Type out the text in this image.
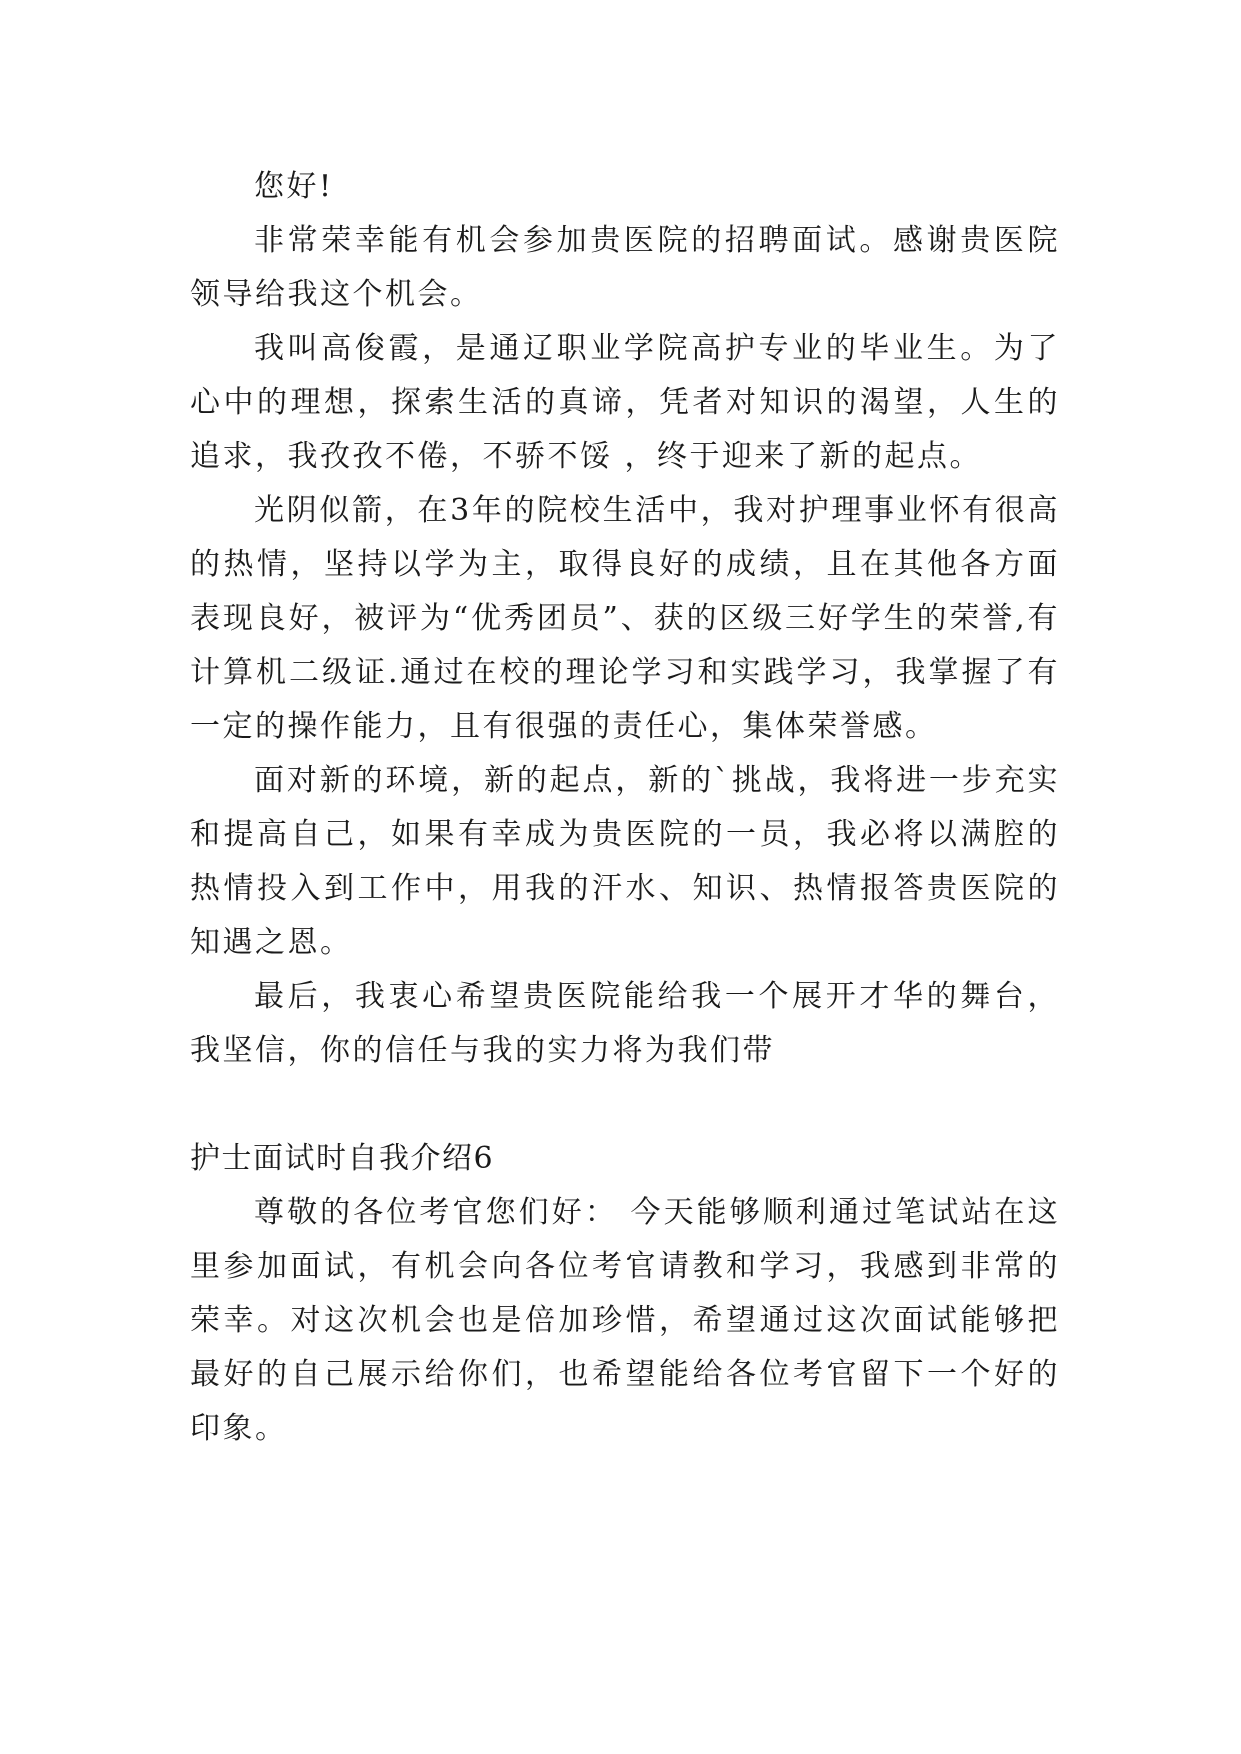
您好!

非常荣幸能有机会参加贵医院的招聘面试。感谢贵医院领导给我这个机会。

我叫高俊霞，是通辽职业学院高护专业的毕业生。为了心中的理想，探索生活的真谛，凭者对知识的渴望，人生的追求，我孜孜不倦，不骄不馁 ，终于迎来了新的起点。

光阴似箭，在3年的院校生活中，我对护理事业怀有很高的热情，坚持以学为主，取得良好的成绩，且在其他各方面表现良好，被评为“优秀团员”、获的区级三好学生的荣誉,有计算机二级证.通过在校的理论学习和实践学习，我掌握了有一定的操作能力，且有很强的责任心，集体荣誉感。

面对新的环境，新的起点，新的`挑战，我将进一步充实和提高自己，如果有幸成为贵医院的一员，我必将以满腔的热情投入到工作中，用我的汗水、知识、热情报答贵医院的知遇之恩。

最后，我衷心希望贵医院能给我一个展开才华的舞台，我坚信，你的信任与我的实力将为我们带

护士面试时自我介绍6

尊敬的各位考官您们好： 今天能够顺利通过笔试站在这里参加面试，有机会向各位考官请教和学习，我感到非常的荣幸。对这次机会也是倍加珍惜，希望通过这次面试能够把最好的自己展示给你们，也希望能给各位考官留下一个好的印象。
